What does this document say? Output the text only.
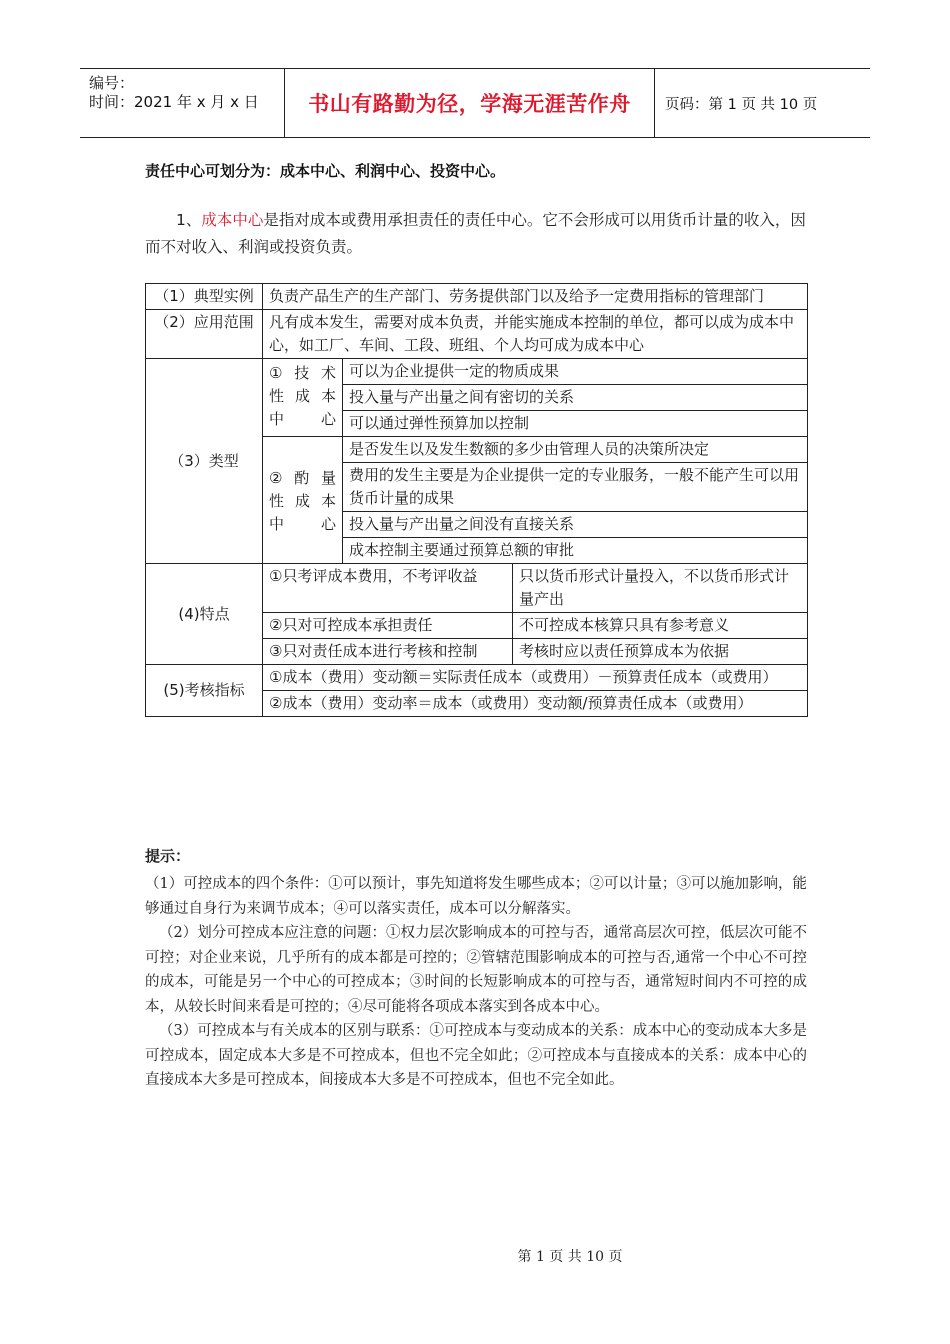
编号：
时间：2021 年 x 月 x 日 书山有路勤为径，学海无涯苦作舟 页码：第 1 页 共 10 页
责任中心可划分为：成本中心、利润中心、投资中心。
1、成本中心是指对成本或费用承担责任的责任中心。它不会形成可以用货币计量的收入，因而不对收入、利润或投资负责。
（1）典型实例	负责产品生产的生产部门、劳务提供部门以及给予一定费用指标的管理部门		
（2）应用范围	凡有成本发生，需要对成本负责，并能实施成本控制的单位，都可以成为成本中心，如工厂、车间、工段、班组、个人均可成为成本中心		
（3）类型	① 技 术 性 成 本 中心	可以为企业提供一定的物质成果	
		投入量与产出量之间有密切的关系	
		可以通过弹性预算加以控制	
	② 酌 量 性 成 本 中心	是否发生以及发生数额的多少由管理人员的决策所决定	
		费用的发生主要是为企业提供一定的专业服务，一般不能产生可以用货币计量的成果	
		投入量与产出量之间没有直接关系	
		成本控制主要通过预算总额的审批	
(4)特点	①只考评成本费用，不考评收益		只以货币形式计量投入，不以货币形式计量产出
	②只对可控成本承担责任		不可控成本核算只具有参考意义
	③只对责任成本进行考核和控制		考核时应以责任预算成本为依据
(5)考核指标	①成本（费用）变动额＝实际责任成本（或费用）－预算责任成本（或费用）		
	②成本（费用）变动率＝成本（或费用）变动额/预算责任成本（或费用）		
提示：

（1）可控成本的四个条件：①可以预计，事先知道将发生哪些成本；②可以计量；③可以施加影响，能够通过自身行为来调节成本；④可以落实责任，成本可以分解落实。

（2）划分可控成本应注意的问题：①权力层次影响成本的可控与否，通常高层次可控，低层次可能不可控；对企业来说，几乎所有的成本都是可控的；②管辖范围影响成本的可控与否,通常一个中心不可控的成本，可能是另一个中心的可控成本；③时间的长短影响成本的可控与否，通常短时间内不可控的成本，从较长时间来看是可控的；④尽可能将各项成本落实到各成本中心。

（3）可控成本与有关成本的区别与联系：①可控成本与变动成本的关系：成本中心的变动成本大多是可控成本，固定成本大多是不可控成本，但也不完全如此；②可控成本与直接成本的关系：成本中心的直接成本大多是可控成本，间接成本大多是不可控成本，但也不完全如此。

第 1 页 共 10 页
